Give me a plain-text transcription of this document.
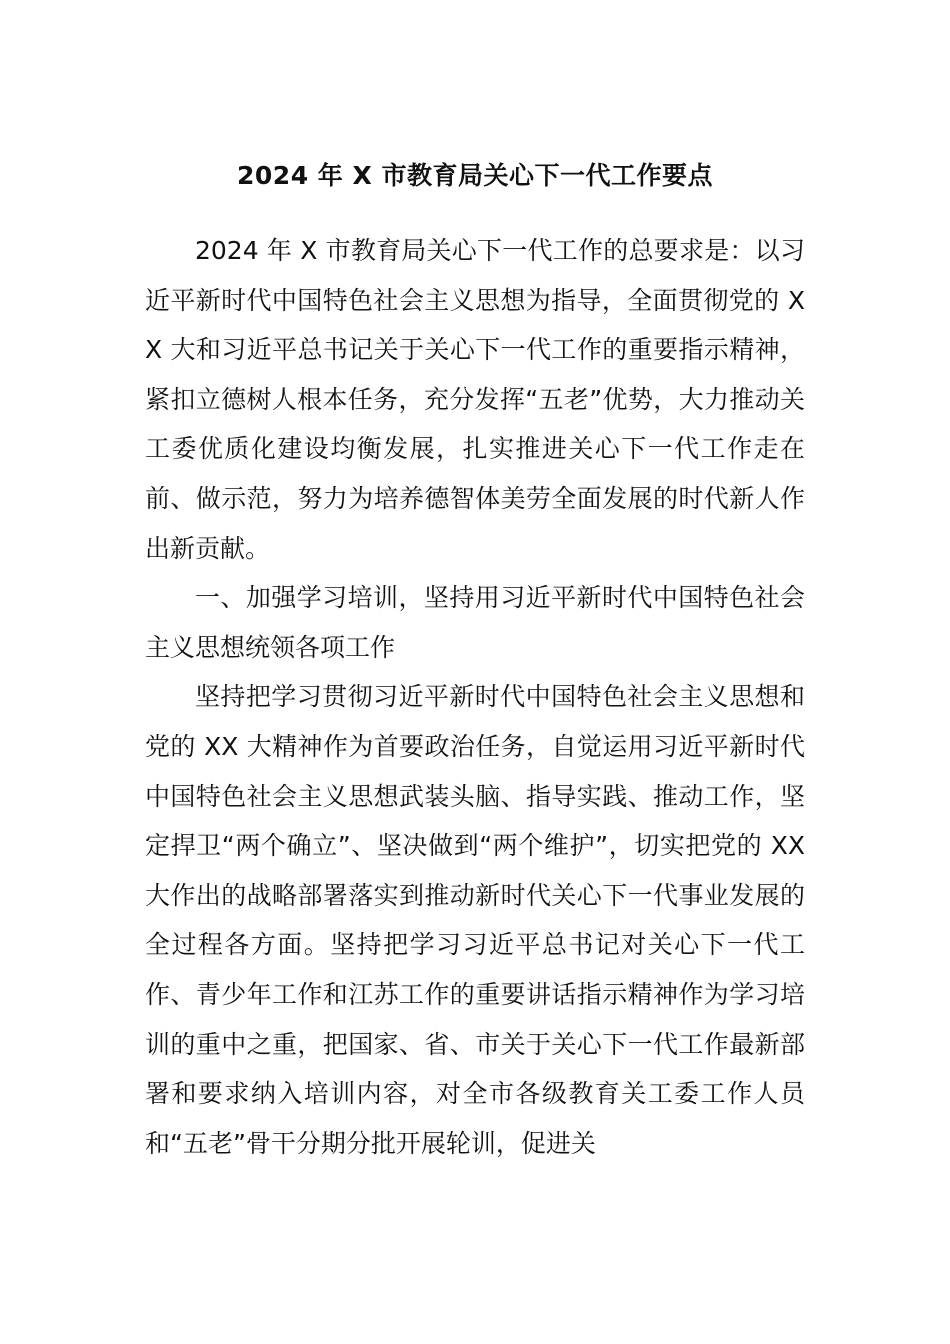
2024 年 X 市教育局关心下一代工作要点

2024 年 X 市教育局关心下一代工作的总要求是：以习近平新时代中国特色社会主义思想为指导，全面贯彻党的 XX 大和习近平总书记关于关心下一代工作的重要指示精神，紧扣立德树人根本任务，充分发挥“五老”优势，大力推动关工委优质化建设均衡发展，扎实推进关心下一代工作走在前、做示范，努力为培养德智体美劳全面发展的时代新人作出新贡献。

一、加强学习培训，坚持用习近平新时代中国特色社会主义思想统领各项工作

坚持把学习贯彻习近平新时代中国特色社会主义思想和党的 XX 大精神作为首要政治任务，自觉运用习近平新时代中国特色社会主义思想武装头脑、指导实践、推动工作，坚定捍卫“两个确立”、坚决做到“两个维护”，切实把党的 XX 大作出的战略部署落实到推动新时代关心下一代事业发展的全过程各方面。坚持把学习习近平总书记对关心下一代工作、青少年工作和江苏工作的重要讲话指示精神作为学习培训的重中之重，把国家、省、市关于关心下一代工作最新部署和要求纳入培训内容，对全市各级教育关工委工作人员和“五老”骨干分期分批开展轮训，促进关
